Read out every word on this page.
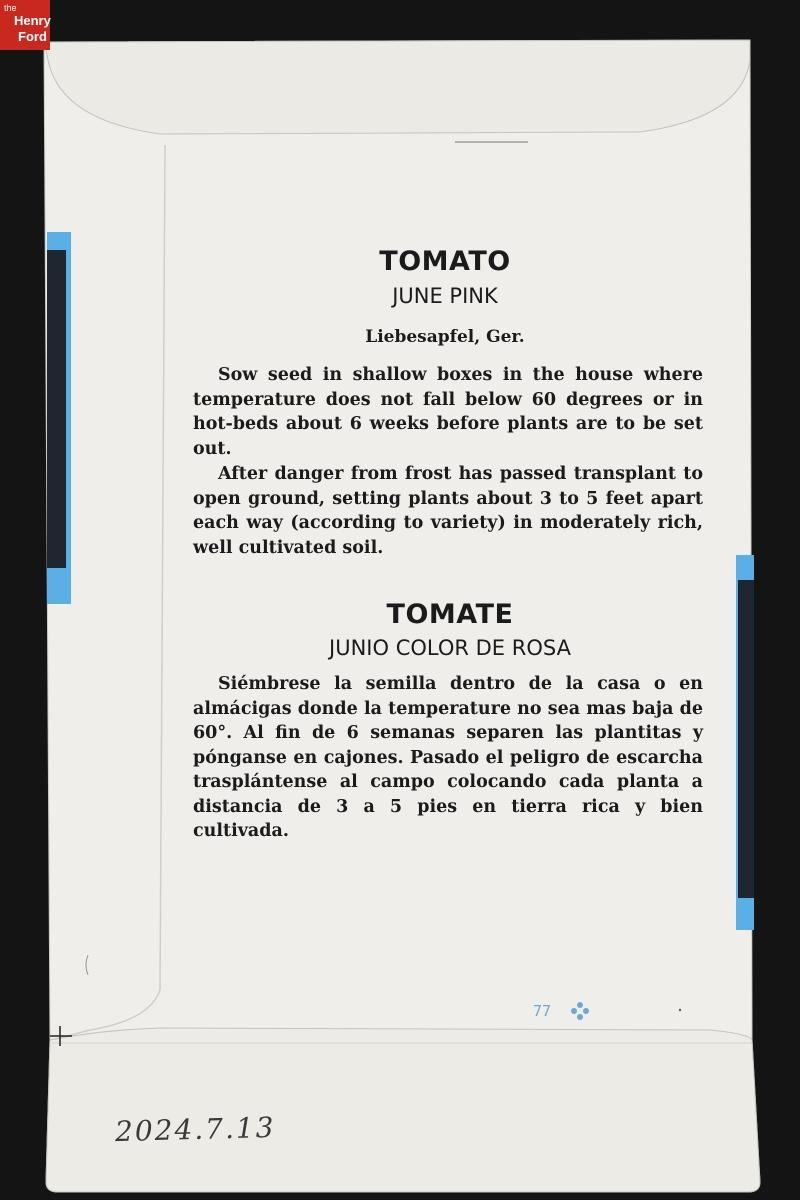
the
Henry
Ford
TOMATO
JUNE PINK
Liebesapfel, Ger.
Sow seed in shallow boxes in the house where temperature does not fall below 60 degrees or in hot-beds about 6 weeks before plants are to be set out.
After danger from frost has passed transplant to open ground, setting plants about 3 to 5 feet apart each way (according to variety) in moderately rich, well cultivated soil.
TOMATE
JUNIO COLOR DE ROSA
Siémbrese la semilla dentro de la casa o en almácigas donde la temperature no sea mas baja de 60°. Al fin de 6 semanas separen las plantitas y pónganse en cajones. Pasado el peligro de escarcha trasplántense al campo colocando cada planta a distancia de 3 a 5 pies en tierra rica y bien cultivada.
77
2024.7.13
